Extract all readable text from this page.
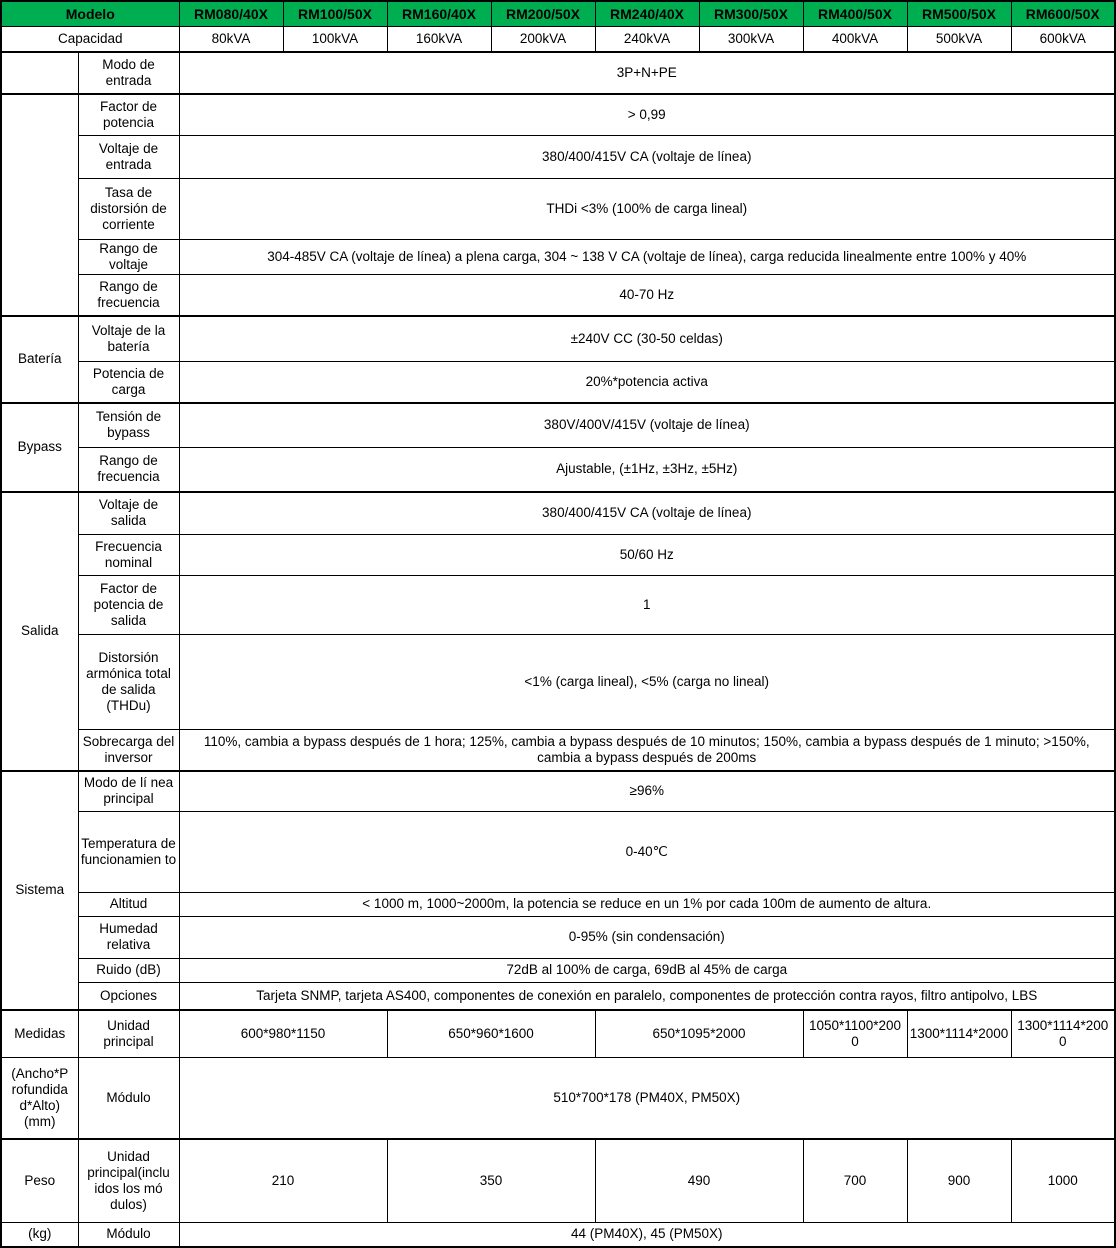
Modelo		RM080/40X	RM100/50X	RM160/40X	RM200/50X	RM240/40X	RM300/50X	RM400/50X	RM500/50X	RM600/50X
Capacidad		80kVA	100kVA	160kVA	200kVA	240kVA	300kVA	400kVA	500kVA	600kVA
	Modo de entrada	3P+N+PE								
	Factor de potencia	> 0,99								
	Voltaje de entrada	380/400/415V CA (voltaje de línea)								
	Tasa de distorsión de corriente	THDi <3% (100% de carga lineal)								
	Rango de voltaje	304-485V CA (voltaje de línea) a plena carga, 304 ~ 138 V CA (voltaje de línea), carga reducida linealmente entre 100% y 40%								
	Rango de frecuencia	40-70 Hz								
Batería	Voltaje de la batería	±240V CC (30-50 celdas)								
	Potencia de carga	20%*potencia activa								
Bypass	Tensión de bypass	380V/400V/415V (voltaje de línea)								
	Rango de frecuencia	Ajustable, (±1Hz, ±3Hz, ±5Hz)								
Salida	Voltaje de salida	380/400/415V CA (voltaje de línea)								
	Frecuencia nominal	50/60 Hz								
	Factor de potencia de salida	1								
	Distorsión armónica total de salida (THDu)	<1% (carga lineal), <5% (carga no lineal)								
	Sobrecarga del inversor	110%, cambia a bypass después de 1 hora; 125%, cambia a bypass después de 10 minutos; 150%, cambia a bypass después de 1 minuto; >150%, cambia a bypass después de 200ms								
Sistema	Modo de lí nea principal	≥96%								
	Temperatura de funcionamien to	0-40℃								
	Altitud	< 1000 m, 1000~2000m, la potencia se reduce en un 1% por cada 100m de aumento de altura.								
	Humedad relativa	0-95% (sin condensación)								
	Ruido (dB)	72dB al 100% de carga, 69dB al 45% de carga								
	Opciones	Tarjeta SNMP, tarjeta AS400, componentes de conexión en paralelo, componentes de protección contra rayos, filtro antipolvo, LBS								
Medidas	Unidad principal	600*980*1150		650*960*1600		650*1095*2000		1050*1100*2000	1300*1114*2000	1300*1114*2000
(Ancho*P rofundida d*Alto) (mm)	Módulo	510*700*178 (PM40X, PM50X)								
Peso	Unidad principal(inclu idos los mó dulos)	210		350		490		700	900	1000
(kg)	Módulo	44 (PM40X), 45 (PM50X)								
